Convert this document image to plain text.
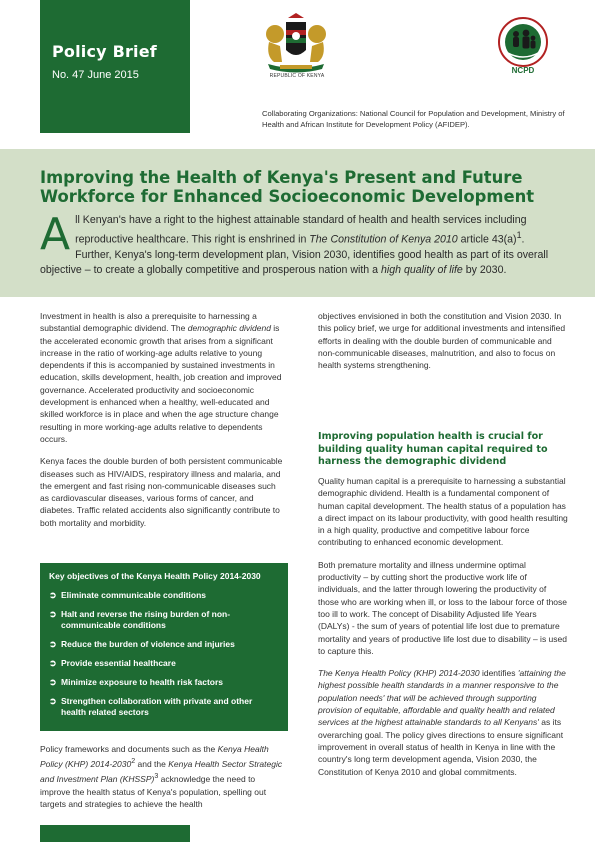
Policy Brief
No. 47 June 2015	REPUBLIC OF KENYA
NCPD
Collaborating Organizations: National Council for Population and Development, Ministry of Health and African Institute for Development Policy (AFIDEP).
Improving the Health of Kenya's Present and Future Workforce for Enhanced Socioeconomic Development
All Kenyan's have a right to the highest attainable standard of health and health services including reproductive healthcare. This right is enshrined in The Constitution of Kenya 2010 article $43(a)^1$. Further, Kenya's long-term development plan, Vision 2030, identifies good health as part of its overall objective – to create a globally competitive and prosperous nation with a high quality of life by 2030.

Investment in health is also a prerequisite to harnessing a substantial demographic dividend. The demographic dividend is the accelerated economic growth that arises from a significant increase in the ratio of working-age adults relative to young dependents if this is accompanied by sustained investments in education, skills development, health, job creation and improved governance. Accelerated productivity and socioeconomic development is enhanced when a healthy, well-educated and skilled workforce is in place and when the age structure change resulting in more working-age adults relative to dependents occurs.

Kenya faces the double burden of both persistent communicable diseases such as HIV/AIDS, respiratory illness and malaria, and the emergent and fast rising non-communicable diseases such as cardiovascular diseases, various forms of cancer, and diabetes. Traffic related accidents also significantly contribute to both mortality and morbidity.

Key objectives of the Kenya Health Policy 2014-2030
➲ Eliminate communicable conditions
➲ Halt and reverse the rising burden of non-communicable conditions
➲ Reduce the burden of violence and injuries
➲ Provide essential healthcare
➲ Minimize exposure to health risk factors
➲ Strengthen collaboration with private and other health related sectors

Policy frameworks and documents such as the Kenya Health Policy (KHP) 2014-2030$^2$ and the Kenya Health Sector Strategic and Investment Plan (KHSSP)$^3$ acknowledge the need to improve the health status of Kenya's population, spelling out targets and strategies to achieve the health

objectives envisioned in both the constitution and Vision 2030. In this policy brief, we urge for additional investments and intensified efforts in dealing with the double burden of communicable and non-communicable diseases, malnutrition, and also to focus on health systems strengthening.

Improving population health is crucial for building quality human capital required to harness the demographic dividend

Quality human capital is a prerequisite to harnessing a substantial demographic dividend. Health is a fundamental component of human capital development. The health status of a population has a direct impact on its labour productivity, with good health resulting in a high quality, productive and competitive labour force contributing to enhanced economic development.

Both premature mortality and illness undermine optimal productivity – by cutting short the productive work life of individuals, and the latter through lowering the productivity of those who are working when ill, or loss to the labour force of those too ill to work. The concept of Disability Adjusted life Years (DALYs) - the sum of years of potential life lost due to premature mortality and years of productive life lost due to disability – is used to capture this.

The Kenya Health Policy (KHP) 2014-2030 identifies 'attaining the highest possible health standards in a manner responsive to the population needs' that will be achieved through supporting provision of equitable, affordable and quality health and related services at the highest attainable standards to all Kenyans' as its overarching goal. The policy gives directions to ensure significant improvement in overall status of health in Kenya in line with the country's long term development agenda, Vision 2030, the Constitution of Kenya 2010 and global commitments.
